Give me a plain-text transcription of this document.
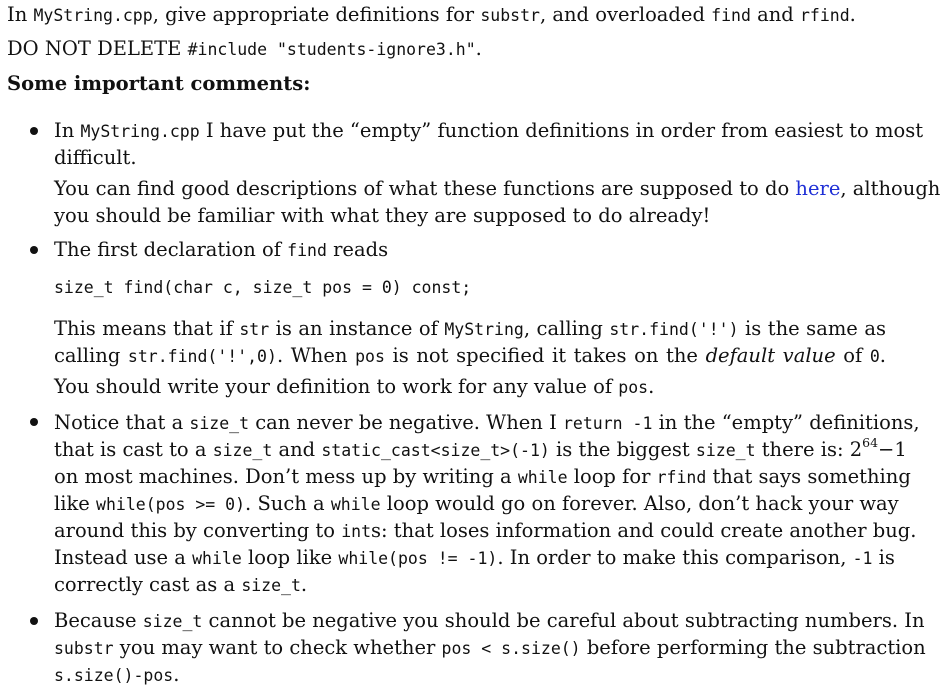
In MyString.cpp, give appropriate definitions for substr, and overloaded find and rfind.

DO NOT DELETE #include "students-ignore3.h".

Some important comments:

In MyString.cpp I have put the “empty” function definitions in order from easiest to most
difficult.
You can find good descriptions of what these functions are supposed to do here, although
you should be familiar with what they are supposed to do already!
The first declaration of find reads
size_t find(char c, size_t pos = 0) const;
This means that if str is an instance of MyString, calling str.find('!') is the same as
calling str.find('!',0). When pos is not specified it takes on the default value of 0.
You should write your definition to work for any value of pos.
Notice that a size_t can never be negative. When I return -1 in the “empty” definitions,
that is cast to a size_t and static_cast<size_t>(-1) is the biggest size_t there is: $2^{64}-1$
on most machines. Don’t mess up by writing a while loop for rfind that says something
like while(pos >= 0). Such a while loop would go on forever. Also, don’t hack your way
around this by converting to ints: that loses information and could create another bug.
Instead use a while loop like while(pos != -1). In order to make this comparison, -1 is
correctly cast as a size_t.
Because size_t cannot be negative you should be careful about subtracting numbers. In
substr you may want to check whether pos < s.size() before performing the subtraction
s.size()-pos.
